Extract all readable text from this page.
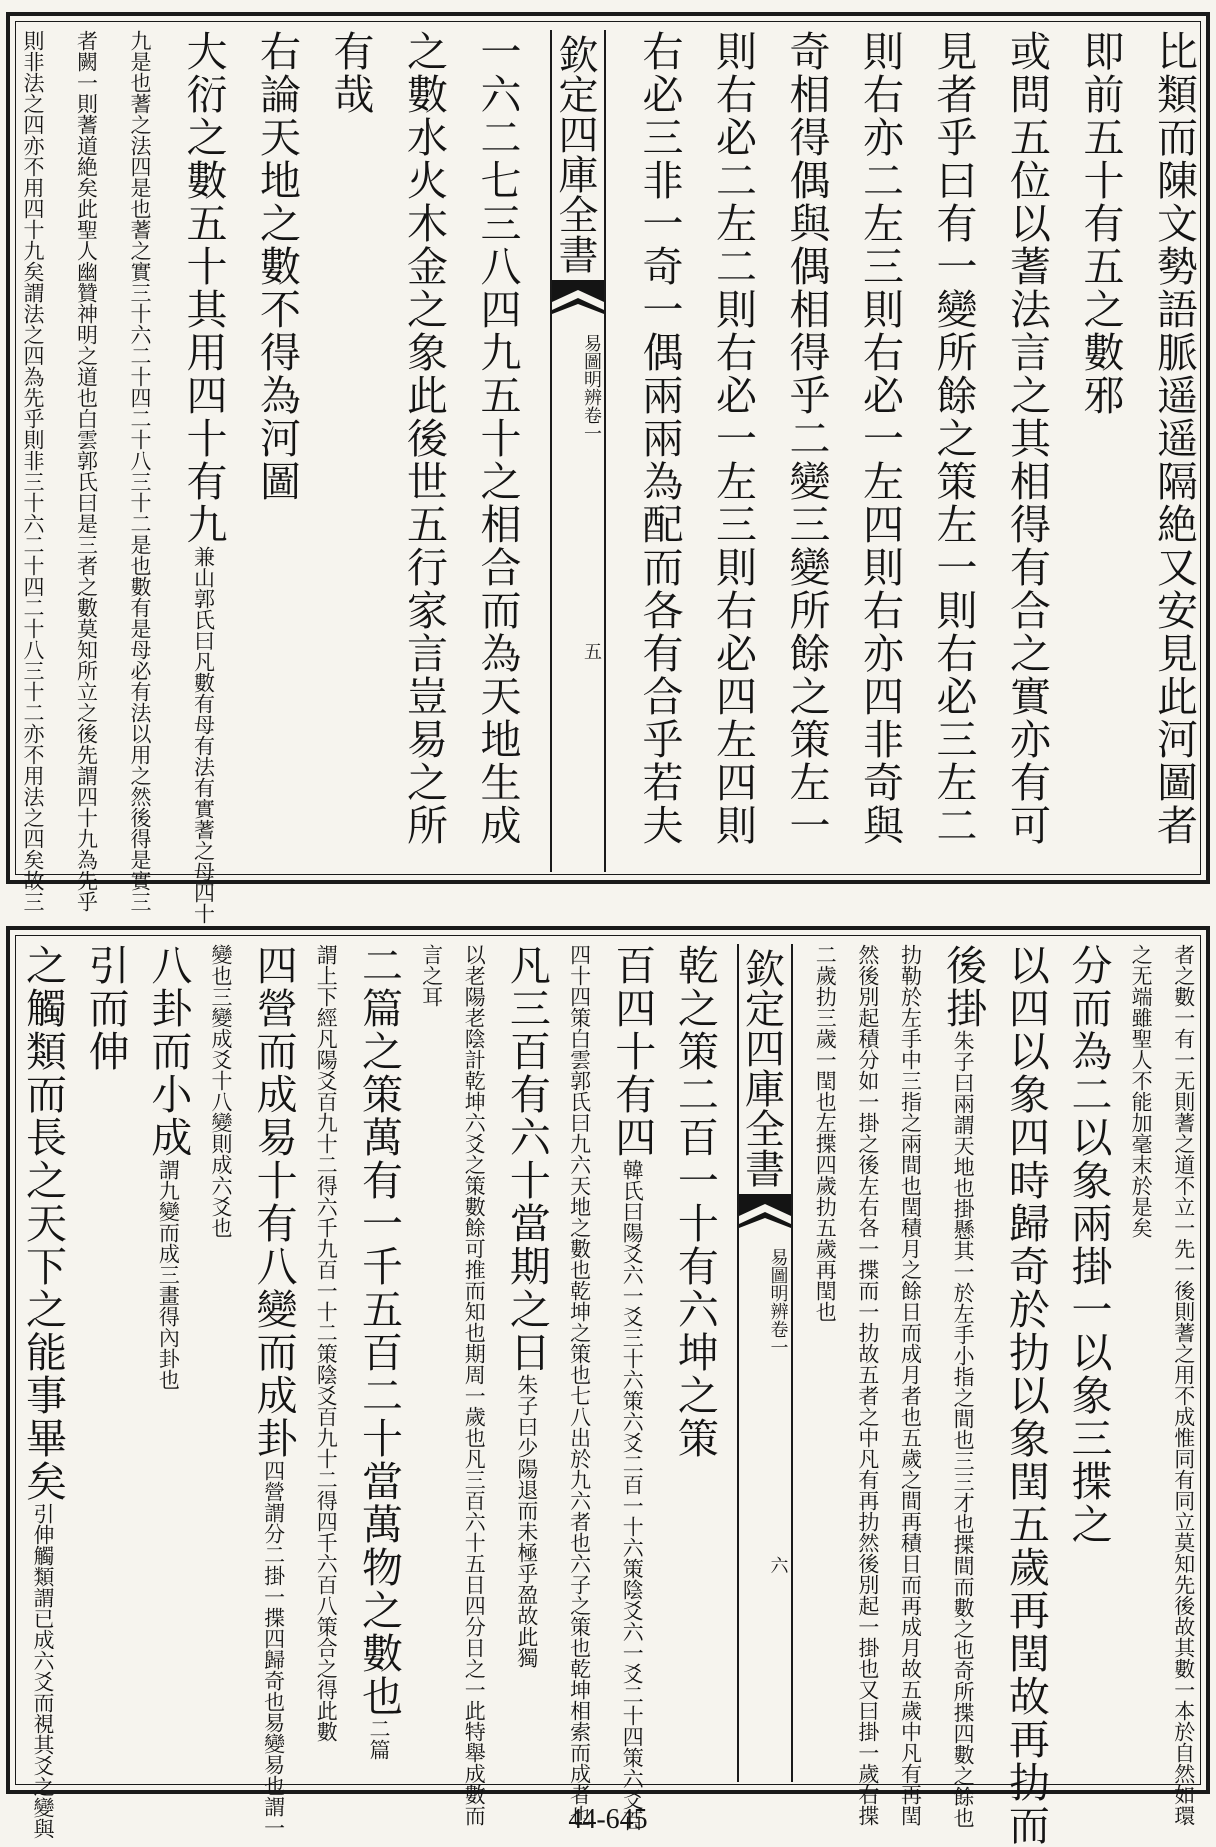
比類而陳文勢語脈遥遥隔絶又安見此河圖者
即前五十有五之數邪
或問五位以蓍法言之其相得有合之實亦有可
見者乎曰有一變所餘之策左一則右必三左二
則右亦二左三則右必一左四則右亦四非奇與
奇相得偶與偶相得乎二變三變所餘之策左一
則右必二左二則右必一左三則右必四左四則
右必三非一奇一偶兩兩為配而各有合乎若夫
欽定四庫全書
易圖明辨
卷一
五
一六二七三八四九五十之相合而為天地生成
之數水火木金之象此後世五行家言豈易之所
有哉
右論天地之數不得為河圖
大衍之數五十其用四十有九兼山郭氏曰凡數有母有法有實蓍之母四十
九是也蓍之法四是也蓍之實三十六二十四二十八三十二是也數有是母必有法以用之然後得是實三
者闕一則蓍道絶矣此聖人幽贊神明之道也白雲郭氏曰是三者之數莫知所立之後先謂四十九為先乎
則非法之四亦不用四十九矣謂法之四為先乎則非三十六二十四二十八三十二亦不用法之四矣故三
者之數一有一无則蓍之道不立一先一後則蓍之用不成惟同有同立莫知先後故其數一本於自然如環
之无端雖聖人不能加毫末於是矣
分而為二以象兩掛一以象三揲之
以四以象四時歸奇於扐以象閏五歲再閏故再扐而
後掛朱子曰兩謂天地也掛懸其一於左手小指之間也三三才也揲間而數之也奇所揲四數之餘也
扐勒於左手中三指之兩間也閏積月之餘日而成月者也五歲之間再積日而再成月故五歲中凡有再閏
然後別起積分如一掛之後左右各一揲而一扐故五者之中凡有再扐然後別起一掛也又曰掛一歲右揲
二歲扐三歲一閏也左揲四歲扐五歲再閏也
欽定四庫全書
易圖明辨
卷一
六
乾之策二百一十有六坤之策
百四十有四韓氏曰陽爻六一爻三十六策六爻二百一十六策陰爻六一爻二十四策六爻百
四十四策白雲郭氏曰九六天地之數也乾坤之策也七八出於九六者也六子之策也乾坤相索而成者也
凡三百有六十當期之日朱子曰少陽退而未極乎盈故此獨
以老陽老陰計乾坤六爻之策數餘可推而知也期周一歲也凡三百六十五日四分日之一此特舉成數而
言之耳
二篇之策萬有一千五百二十當萬物之數也二篇
謂上下經凡陽爻百九十二得六千九百一十二策陰爻百九十二得四千六百八策合之得此數
四營而成易十有八變而成卦四營謂分二掛一揲四歸奇也易變易也謂一
變也三變成爻十八變則成六爻也
八卦而小成謂九變而成三畫得內卦也
引而伸
之觸類而長之天下之能事畢矣引伸觸類謂已成六爻而視其爻之變與	44-645
